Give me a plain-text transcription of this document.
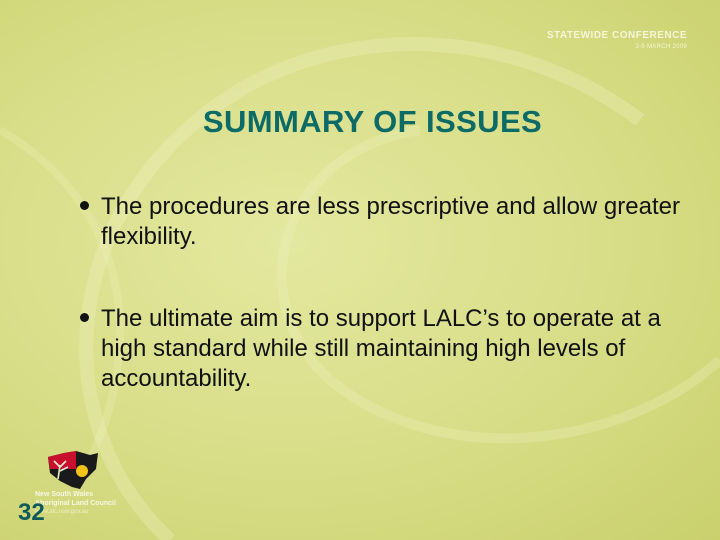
STATEWIDE CONFERENCE
3-5 MARCH 2009
SUMMARY OF ISSUES
The procedures are less prescriptive and allow greater flexibility.
The ultimate aim is to support LALC’s to operate at a high standard while still maintaining high levels of accountability.
New South Wales
Aboriginal Land Council
www.alc.nsw.gov.au
32
